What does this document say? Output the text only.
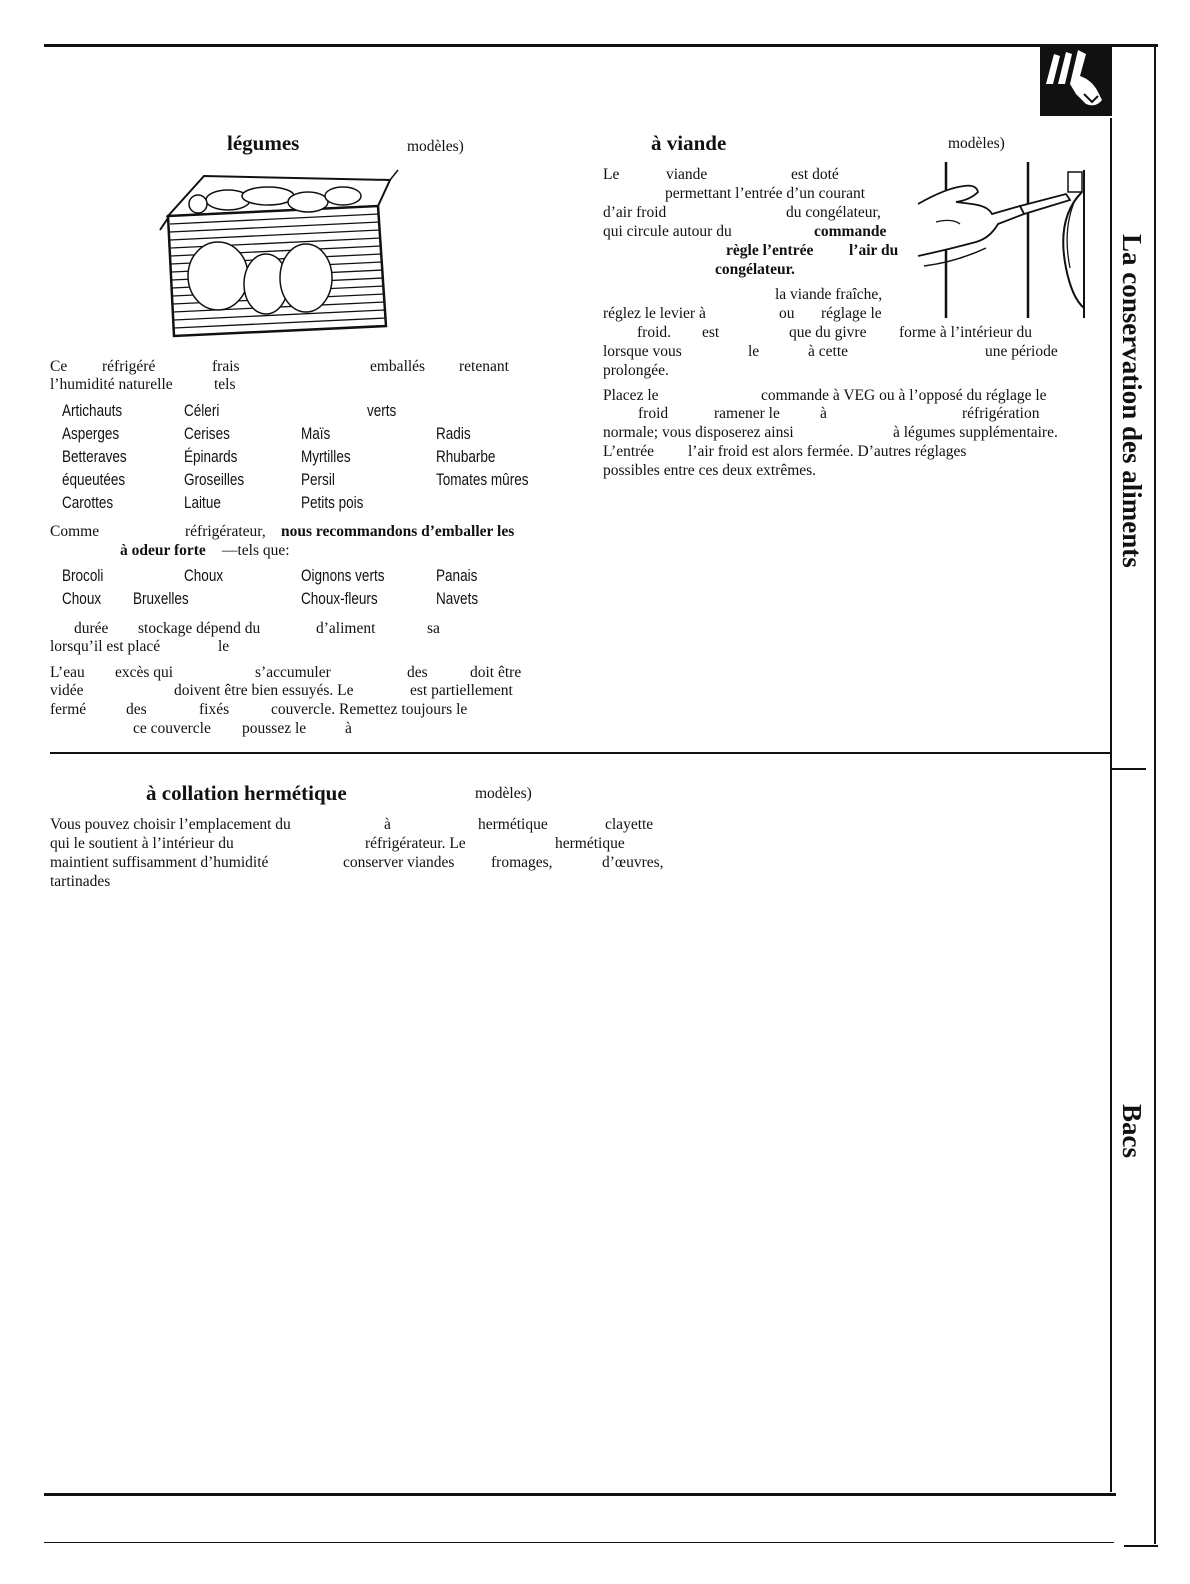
La conservation des aliments
Bacs
légumes	modèles)
Ce réfrigéré	frais	emballés retenant
l’humidité naturelle	tels
Artichauts	Céleri	verts
Asperges	Cerises	Maïs	Radis
Betteraves	Épinards	Myrtilles	Rhubarbe
équeutées	Groseilles	Persil	Tomates mûres
Carottes	Laitue	Petits pois
Comme	réfrigérateur, nous recommandons d’emballer les
à odeur forte —tels que:
Brocoli	Choux	Oignons verts	Panais
Choux Bruxelles	Choux-fleurs	Navets
durée stockage dépend du	d’aliment	sa
lorsqu’il est placé	le
L’eau excès qui	s’accumuler	des	doit être
vidée	doivent être bien essuyés. Le	est partiellement
fermé	des	fixés	couvercle. Remettez toujours le
ce couvercle poussez le	à
à viande	modèles)
Le	viande	est doté
permettant l’entrée d’un courant
d’air froid	du congélateur,
qui circule autour du	commande
règle l’entrée l’air du
congélateur.
la viande fraîche,
réglez le levier à	ou réglage le
froid. est	que du givre forme à l’intérieur du
lorsque vous	le	à cette	une période
prolongée.
Placez le	commande à VEG ou à l’opposé du réglage le
froid	ramener le	à	réfrigération
normale; vous disposerez ainsi	à légumes supplémentaire.
L’entrée l’air froid est alors fermée. D’autres réglages
possibles entre ces deux extrêmes.
à collation hermétique	modèles)
Vous pouvez choisir l’emplacement du	à	hermétique	clayette
qui le soutient à l’intérieur du	réfrigérateur. Le	hermétique
maintient suffisamment d’humidité	conserver viandes fromages,	d’œuvres,
tartinades
